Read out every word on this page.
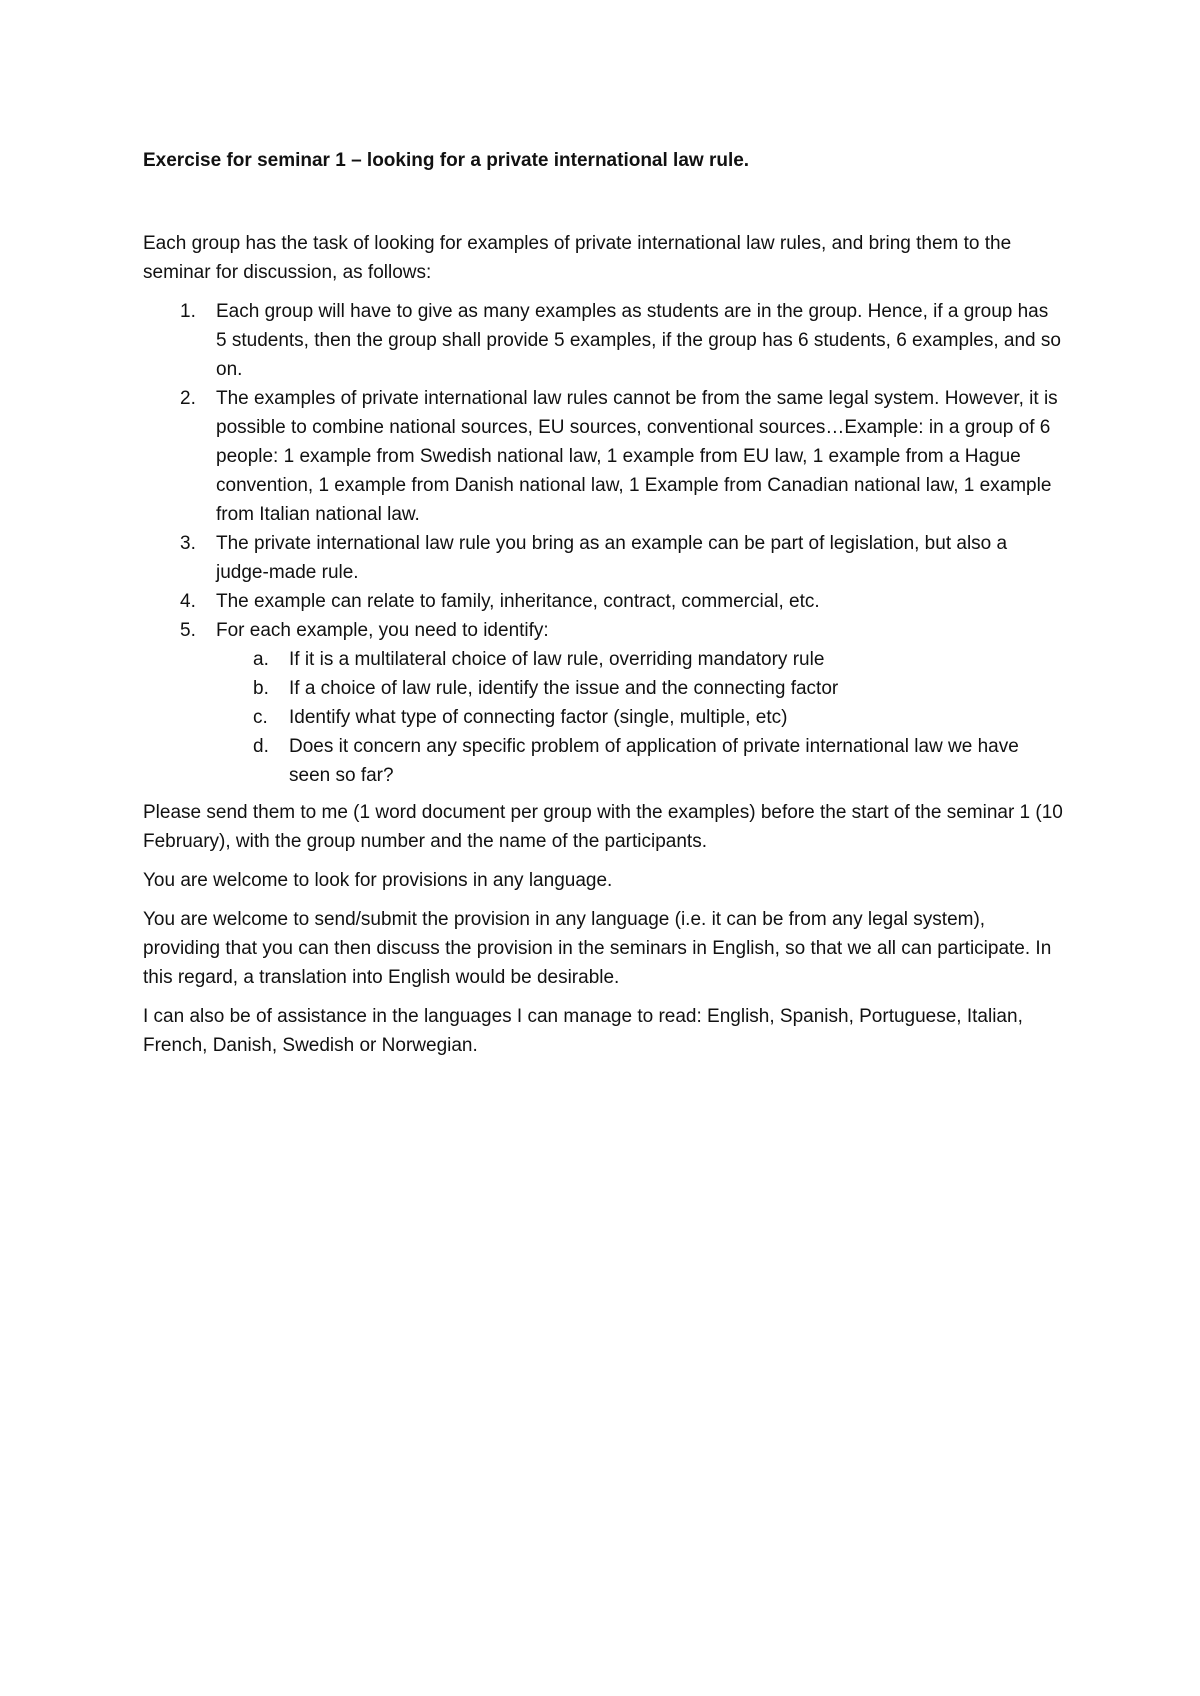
Exercise for seminar 1 – looking for a private international law rule.

Each group has the task of looking for examples of private international law rules, and bring them to the seminar for discussion, as follows:

1. Each group will have to give as many examples as students are in the group. Hence, if a group has 5 students, then the group shall provide 5 examples, if the group has 6 students, 6 examples, and so on.
2. The examples of private international law rules cannot be from the same legal system. However, it is possible to combine national sources, EU sources, conventional sources…Example: in a group of 6 people: 1 example from Swedish national law, 1 example from EU law, 1 example from a Hague convention, 1 example from Danish national law, 1 Example from Canadian national law, 1 example from Italian national law.
3. The private international law rule you bring as an example can be part of legislation, but also a judge-made rule.
4. The example can relate to family, inheritance, contract, commercial, etc.
5. For each example, you need to identify:
a. If it is a multilateral choice of law rule, overriding mandatory rule
b. If a choice of law rule, identify the issue and the connecting factor
c. Identify what type of connecting factor (single, multiple, etc)
d. Does it concern any specific problem of application of private international law we have seen so far?

Please send them to me (1 word document per group with the examples) before the start of the seminar 1 (10 February), with the group number and the name of the participants.

You are welcome to look for provisions in any language.

You are welcome to send/submit the provision in any language (i.e. it can be from any legal system), providing that you can then discuss the provision in the seminars in English, so that we all can participate. In this regard, a translation into English would be desirable.

I can also be of assistance in the languages I can manage to read: English, Spanish, Portuguese, Italian, French, Danish, Swedish or Norwegian.
